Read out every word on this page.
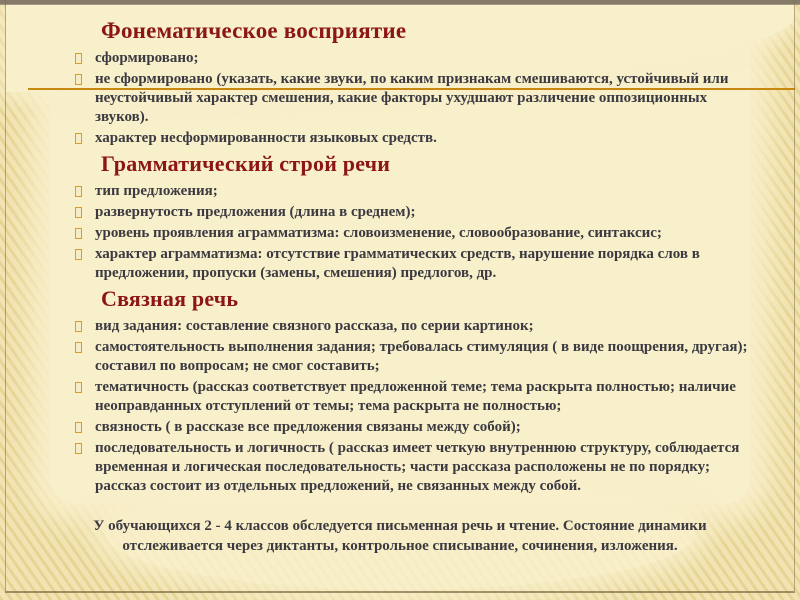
Фонематическое восприятие
сформировано;
не сформировано (указать, какие звуки, по каким признакам смешиваются, устойчивый или неустойчивый характер смешения, какие факторы ухудшают различение оппозиционных звуков).
характер несформированности языковых средств.
Грамматический строй речи
тип предложения;
развернутость предложения (длина в среднем);
уровень проявления аграмматизма: словоизменение, словообразование, синтаксис;
характер аграмматизма: отсутствие грамматических средств, нарушение порядка слов в предложении, пропуски (замены, смешения) предлогов, др.
Связная речь
вид задания: составление связного рассказа, по серии картинок;
самостоятельность выполнения задания; требовалась стимуляция ( в виде поощрения, другая); составил по вопросам; не смог составить;
тематичность (рассказ соответствует предложенной теме; тема раскрыта полностью; наличие неоправданных отступлений от темы; тема раскрыта не полностью;
связность ( в рассказе все предложения связаны между собой);
последовательность и логичность ( рассказ имеет четкую внутреннюю структуру, соблюдается временная и логическая последовательность; части рассказа расположены не по порядку; рассказ состоит из отдельных предложений, не связанных между собой.
У обучающихся 2 - 4 классов обследуется письменная речь и чтение. Состояние динамики отслеживается через диктанты, контрольное списывание, сочинения, изложения.
